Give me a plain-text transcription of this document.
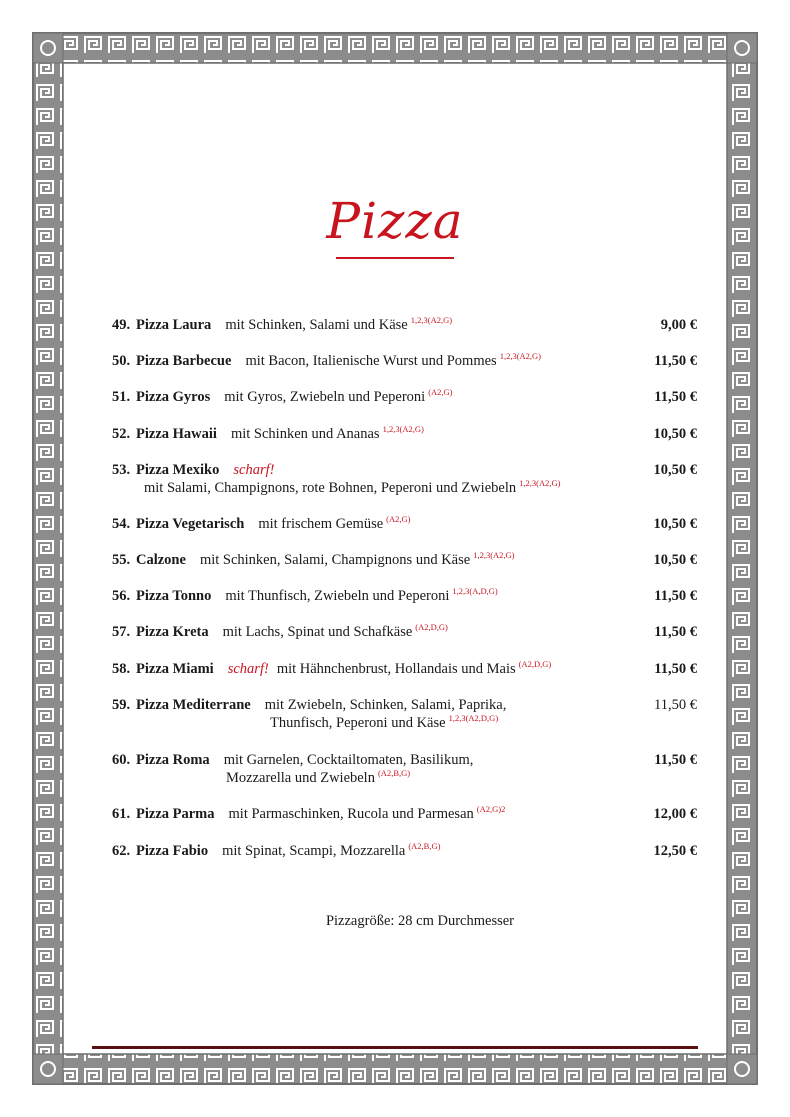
Pizza
49. Pizza Laura mit Schinken, Salami und Käse 1,2,3(A2,G)	9,00 €
50. Pizza Barbecue mit Bacon, Italienische Wurst und Pommes 1,2,3(A2,G)	11,50 €
51. Pizza Gyros mit Gyros, Zwiebeln und Peperoni (A2,G)	11,50 €
52. Pizza Hawaii mit Schinken und Ananas 1,2,3(A2,G)	10,50 €
53. Pizza Mexiko scharf!	10,50 €
mit Salami, Champignons, rote Bohnen, Peperoni und Zwiebeln $^{1,2,3(A2,G)}$
54. Pizza Vegetarisch mit frischem Gemüse (A2,G)	10,50 €
55. Calzone mit Schinken, Salami, Champignons und Käse 1,2,3(A2,G)	10,50 €
56. Pizza Tonno mit Thunfisch, Zwiebeln und Peperoni 1,2,3(A,D,G)	11,50 €
57. Pizza Kreta mit Lachs, Spinat und Schafkäse (A2,D,G)	11,50 €
58. Pizza Miami scharf! mit Hähnchenbrust, Hollandais und Mais (A2,D,G)	11,50 €
59. Pizza Mediterrane mit Zwiebeln, Schinken, Salami, Paprika,	11,50 €
Thunfisch, Peperoni und Käse $^{1,2,3(A2,D,G)}$
60. Pizza Roma mit Garnelen, Cocktailtomaten, Basilikum,	11,50 €
Mozzarella und Zwiebeln $^{(A2,B,G)}$
61. Pizza Parma mit Parmaschinken, Rucola und Parmesan (A2,G)2	12,00 €
62. Pizza Fabio mit Spinat, Scampi, Mozzarella (A2,B,G)	12,50 €
Pizzagröße: 28 cm Durchmesser
